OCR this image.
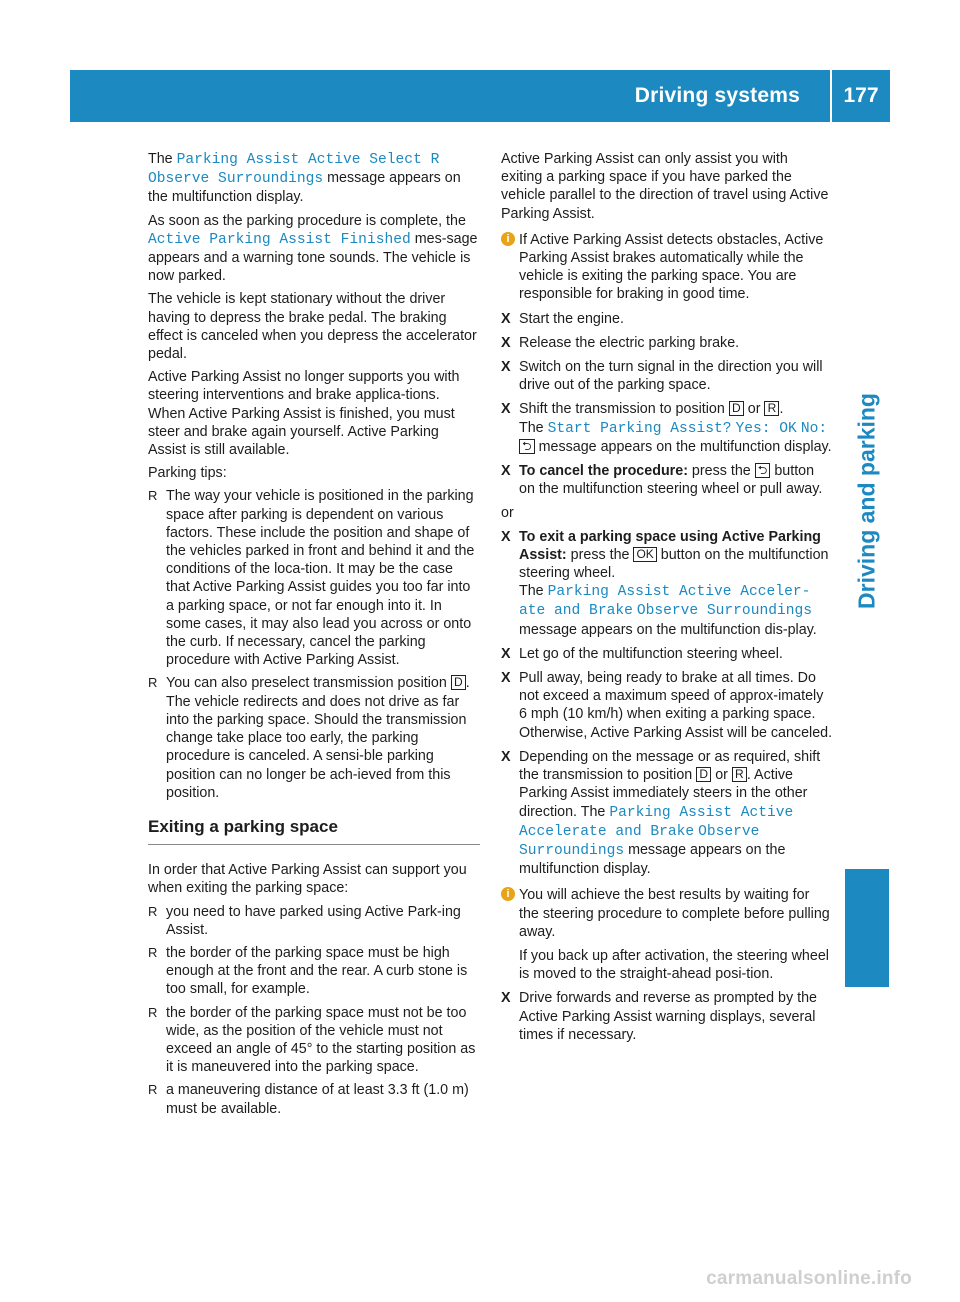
Driving systems	177
Driving and parking

The Parking Assist Active Select R Observe Surroundings message appears on the multifunction display.

As soon as the parking procedure is complete, the Active Parking Assist Finished mes-sage appears and a warning tone sounds. The vehicle is now parked.

The vehicle is kept stationary without the driver having to depress the brake pedal. The braking effect is canceled when you depress the accelerator pedal.

Active Parking Assist no longer supports you with steering interventions and brake applica-tions. When Active Parking Assist is finished, you must steer and brake again yourself. Active Parking Assist is still available.

Parking tips:

R The way your vehicle is positioned in the parking space after parking is dependent on various factors. These include the position and shape of the vehicles parked in front and behind it and the conditions of the loca-tion. It may be the case that Active Parking Assist guides you too far into a parking space, or not far enough into it. In some cases, it may also lead you across or onto the curb. If necessary, cancel the parking procedure with Active Parking Assist.
R You can also preselect transmission position D . The vehicle redirects and does not drive as far into the parking space. Should the transmission change take place too early, the parking procedure is canceled. A sensi-ble parking position can no longer be ach-ieved from this position.
Exiting a parking space

In order that Active Parking Assist can support you when exiting the parking space:

R you need to have parked using Active Park-ing Assist.
R the border of the parking space must be high enough at the front and the rear. A curb stone is too small, for example.
R the border of the parking space must not be too wide, as the position of the vehicle must not exceed an angle of 45° to the starting position as it is maneuvered into the parking space.
R a maneuvering distance of at least 3.3 ft (1.0 m) must be available.

Active Parking Assist can only assist you with exiting a parking space if you have parked the vehicle parallel to the direction of travel using Active Parking Assist.

i If Active Parking Assist detects obstacles, Active Parking Assist brakes automatically while the vehicle is exiting the parking space. You are responsible for braking in good time.
X Start the engine.
X Release the electric parking brake.
X Switch on the turn signal in the direction you will drive out of the parking space.
X Shift the transmission to position D or R .
The Start Parking Assist? Yes: OK No:
⮌ message appears on the multifunction display.
X To cancel the procedure: press the ⮌ button on the multifunction steering wheel or pull away.

or

X To exit a parking space using Active Parking Assist: press the OK button on the multifunction steering wheel.
The Parking Assist Active Acceler-ate and Brake Observe Surroundings message appears on the multifunction dis-play.
X Let go of the multifunction steering wheel.
X Pull away, being ready to brake at all times. Do not exceed a maximum speed of approx-imately 6 mph (10 km/h) when exiting a parking space. Otherwise, Active Parking Assist will be canceled.
X Depending on the message or as required, shift the transmission to position D or R . Active Parking Assist immediately steers in the other direction. The Parking Assist Active Accelerate and Brake Observe Surroundings message appears on the multifunction display.
i You will achieve the best results by waiting for the steering procedure to complete before pulling away.

If you back up after activation, the steering wheel is moved to the straight-ahead posi-tion.

X Drive forwards and reverse as prompted by the Active Parking Assist warning displays, several times if necessary.
carmanualsonline.info
